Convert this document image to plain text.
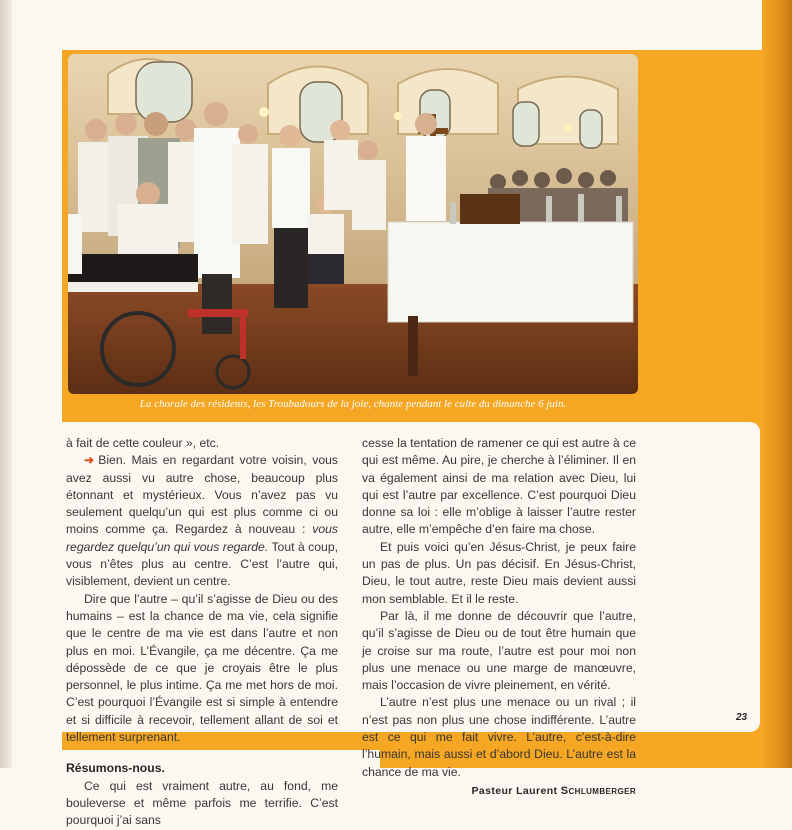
La chorale des résidents, les Troubadours de la joie, chante pendant le culte du dimanche 6 juin.

à fait de cette couleur », etc.

➜ Bien. Mais en regardant votre voisin, vous avez aussi vu autre chose, beaucoup plus étonnant et mystérieux. Vous n’avez pas vu seulement quelqu’un qui est plus comme ci ou moins comme ça. Regardez à nouveau : vous regardez quelqu’un qui vous regarde. Tout à coup, vous n’êtes plus au centre. C’est l’autre qui, visiblement, devient un centre.

Dire que l’autre – qu’il s’agisse de Dieu ou des humains – est la chance de ma vie, cela signifie que le centre de ma vie est dans l’autre et non plus en moi. L’Évangile, ça me décentre. Ça me dépossède de ce que je croyais être le plus personnel, le plus intime. Ça me met hors de moi. C’est pourquoi l’Évangile est si simple à entendre et si difficile à recevoir, tellement allant de soi et tellement surprenant.

Résumons-nous.

Ce qui est vraiment autre, au fond, me bouleverse et même parfois me terrifie. C’est pourquoi j’ai sans

cesse la tentation de ramener ce qui est autre à ce qui est même. Au pire, je cherche à l’éliminer. Il en va également ainsi de ma relation avec Dieu, lui qui est l’autre par excellence. C’est pourquoi Dieu donne sa loi : elle m’oblige à laisser l’autre rester autre, elle m’empêche d’en faire ma chose.

Et puis voici qu’en Jésus-Christ, je peux faire un pas de plus. Un pas décisif. En Jésus-Christ, Dieu, le tout autre, reste Dieu mais devient aussi mon semblable. Et il le reste.

Par là, il me donne de découvrir que l’autre, qu’il s’agisse de Dieu ou de tout être humain que je croise sur ma route, l’autre est pour moi non plus une menace ou une marge de manœuvre, mais l’occasion de vivre pleinement, en vérité.

L’autre n’est plus une menace ou un rival ; il n’est pas non plus une chose indifférente. L’autre est ce qui me fait vivre. L’autre, c’est-à-dire l’humain, mais aussi et d’abord Dieu. L’autre est la chance de ma vie.

Pasteur Laurent Schlumberger

23
